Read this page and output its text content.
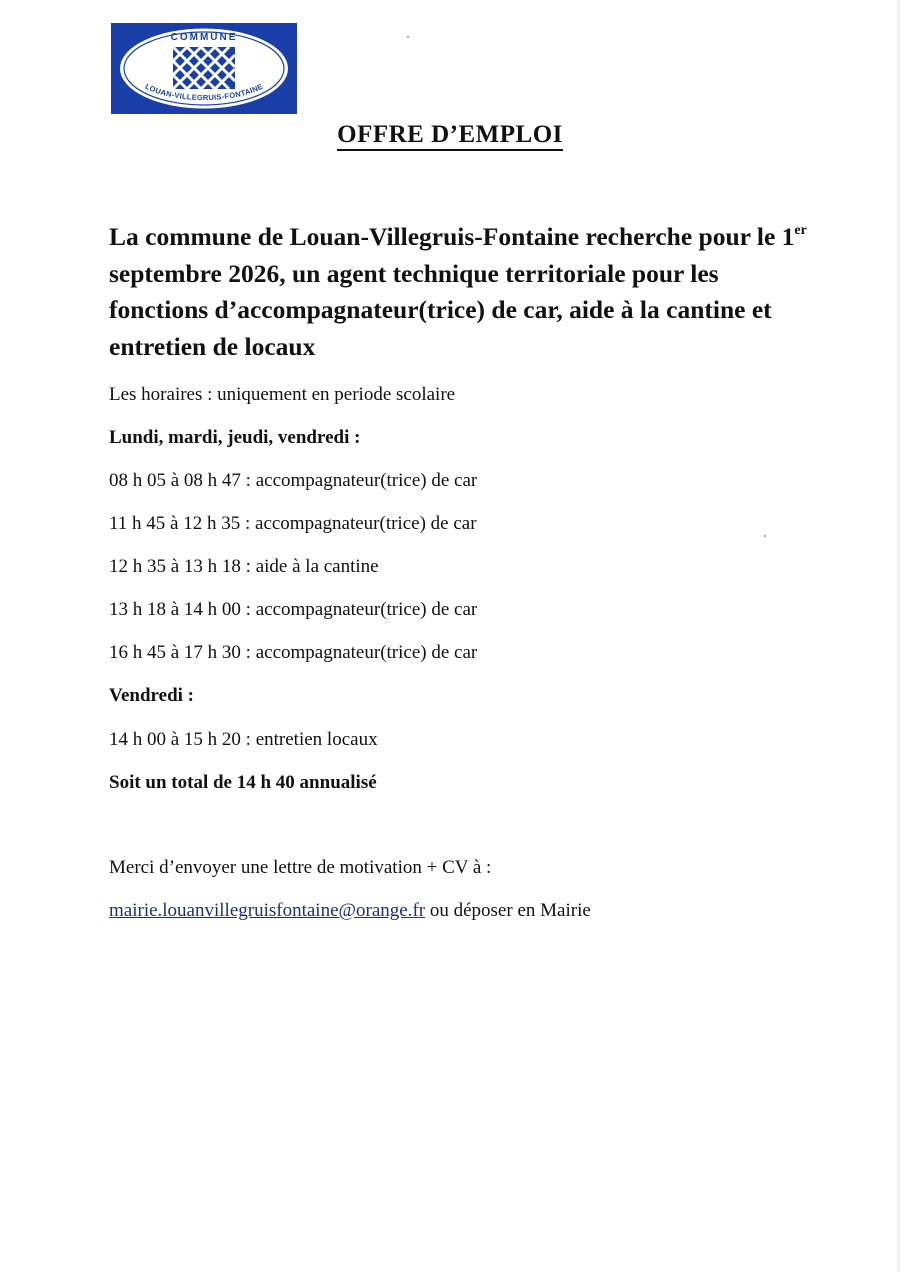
COMMUNE
LOUAN-VILLEGRUIS-FONTAINE
OFFRE D’EMPLOI
La commune de Louan-Villegruis-Fontaine recherche pour le 1er septembre 2026, un agent technique territoriale pour les fonctions d’accompagnateur(trice) de car, aide à la cantine et entretien de locaux
Les horaires : uniquement en periode scolaire
Lundi, mardi, jeudi, vendredi :
08 h 05 à 08 h 47 : accompagnateur(trice) de car
11 h 45 à 12 h 35 : accompagnateur(trice) de car
12 h 35 à 13 h 18 : aide à la cantine
13 h 18 à 14 h 00 : accompagnateur(trice) de car
16 h 45 à 17 h 30 : accompagnateur(trice) de car
Vendredi :
14 h 00 à 15 h 20 : entretien locaux
Soit un total de 14 h 40 annualisé
Merci d’envoyer une lettre de motivation + CV à :
mairie.louanvillegruisfontaine@orange.fr ou déposer en Mairie
